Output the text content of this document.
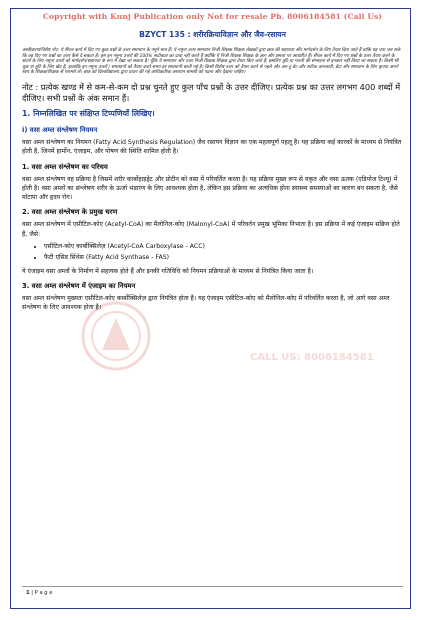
CALL US: 8006184581
Copyright with Kunj Publication only Not for resale Ph. 8006184581 (Call Us)
BZYCT 135 : शरीरक्रियाविज्ञान और जैव-रसायन
अस्वीकरण/विशेष नोट: ये सैंपल कार्य में दिए गए कुछ प्रश्नों के उत्तर समाधान के नमूने मात्र हैं। ये नमूना उत्तर समाधान निजी शिक्षक शिक्षक लेखकों द्वारा छात्र की सहायता और मार्गदर्शन के लिए तैयार किए जाते हैं ताकि यह पता चल सके कि वह दिए गए प्रश्नों का उत्तर कैसे दे सकता है। हम इन नमूना उत्तरों की 100% सटीकता का दावा नहीं करते हैं क्योंकि ये निजी शिक्षक शिक्षक के ज्ञान और क्षमता पर आधारित हैं। सैंपल कार्य में दिए गए प्रश्नों के उत्तर तैयार करने के संदर्भ के लिए नमूना उत्तरों को मार्गदर्शन/सहायता के रूप में देखा जा सकता है। चूँकि ये समाधान और उत्तर निजी शिक्षक शिक्षक द्वारा तैयार किए जाते हैं, इसलिए त्रुटि या गलती की संभावना से इनकार नहीं किया जा सकता है। किसी भी चूक या त्रुटि के लिए खेद है, हालांकि इन नमूना उत्तरों / समाधानों को तैयार करते समय हर सावधानी बरती गई है। किसी विशेष उत्तर को तैयार करने से पहले और अप-टू-डेट और सटीक जानकारी, डेटा और समाधान के लिए कृपया अपने स्वयं के शिक्षक/शिक्षक से परामर्श लें। छात्र को विश्वविद्यालय द्वारा प्रदान की गई आधिकारिक अध्ययन सामग्री को पढ़ना और देखना चाहिए।
नोट : प्रत्येक खण्ड में से कम-से-कम दो प्रश्न चुनते हुए कुल पाँच प्रश्नों के उत्तर दीजिए। प्रत्येक प्रश्न का उत्तर लगभग 400 शब्दों में दीजिए। सभी प्रश्नों के अंक समान हैं।
1. निम्नलिखित पर संक्षिप्त टिप्पणियाँ लिखिए।
i) वसा अम्ल संश्लेषण नियमन

वसा अम्ल संश्लेषण का नियमन (Fatty Acid Synthesis Regulation) जैव रसायन विज्ञान का एक महत्वपूर्ण पहलू है। यह प्रक्रिया कई कारकों के माध्यम से नियंत्रित होती है, जिनमें हार्मोन, एंजाइम, और पोषण की स्थिति शामिल होती है।

1. वसा अम्ल संश्लेषण का परिचय

वसा अम्ल संश्लेषण वह प्रक्रिया है जिसमें शरीर कार्बोहाइड्रेट और प्रोटीन को वसा में परिवर्तित करता है। यह प्रक्रिया मुख्य रूप से यकृत और वसा ऊतक (एडिपोज टिश्यू) में होती है। वसा अम्लों का संश्लेषण शरीर के ऊर्जा भंडारण के लिए आवश्यक होता है, लेकिन इस प्रक्रिया का अत्यधिक होना स्वास्थ्य समस्याओं का कारण बन सकता है, जैसे मोटापा और हृदय रोग।

2. वसा अम्ल संश्लेषण के प्रमुख चरण

वसा अम्ल संश्लेषण में एसीटिल-कोए (Acetyl-CoA) का मैलोनिल-कोए (Malonyl-CoA) में परिवर्तन प्रमुख भूमिका निभाता है। इस प्रक्रिया में कई एंजाइम सक्रिय होते हैं, जैसे:

• एसीटिल-कोए कार्बोक्सिलेज़ (Acetyl-CoA Carboxylase - ACC)
• फैटी एसिड सिंथेस (Fatty Acid Synthase - FAS)

ये एंजाइम वसा अम्लों के निर्माण में सहायक होते हैं और इनकी गतिविधि को नियमन प्रक्रियाओं के माध्यम से नियंत्रित किया जाता है।

3. वसा अम्ल संश्लेषण में एंजाइम का नियमन

वसा अम्ल संश्लेषण मुख्यतः एसीटिल-कोए कार्बोक्सिलेज़ द्वारा नियंत्रित होता है। यह एंजाइम एसीटिल-कोए को मैलोनिल-कोए में परिवर्तित करता है, जो आगे वसा अम्ल संश्लेषण के लिए आवश्यक होता है।

1 | P a g e
